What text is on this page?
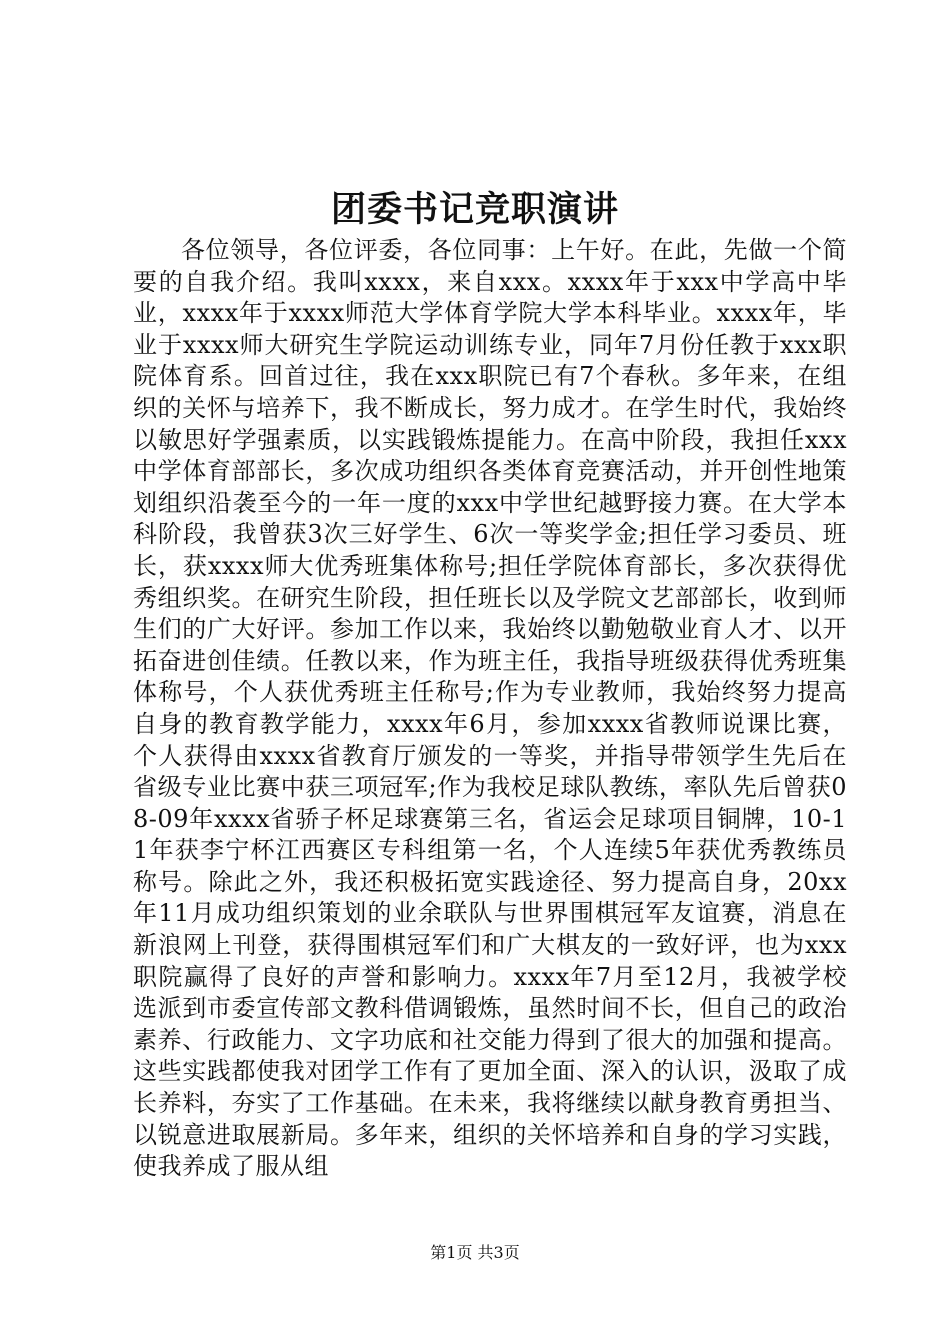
团委书记竞职演讲

各位领导，各位评委，各位同事：上午好。在此，先做一个简要的自我介绍。我叫xxxx，来自xxx。xxxx年于xxx中学高中毕业，xxxx年于xxxx师范大学体育学院大学本科毕业。xxxx年，毕业于xxxx师大研究生学院运动训练专业，同年7月份任教于xxx职院体育系。回首过往，我在xxx职院已有7个春秋。多年来，在组织的关怀与培养下，我不断成长，努力成才。在学生时代，我始终以敏思好学强素质，以实践锻炼提能力。在高中阶段，我担任xxx中学体育部部长，多次成功组织各类体育竞赛活动，并开创性地策划组织沿袭至今的一年一度的xxx中学世纪越野接力赛。在大学本科阶段，我曾获3次三好学生、6次一等奖学金;担任学习委员、班长，获xxxx师大优秀班集体称号;担任学院体育部长，多次获得优秀组织奖。在研究生阶段，担任班长以及学院文艺部部长，收到师生们的广大好评。参加工作以来，我始终以勤勉敬业育人才、以开拓奋进创佳绩。任教以来，作为班主任，我指导班级获得优秀班集体称号，个人获优秀班主任称号;作为专业教师，我始终努力提高自身的教育教学能力，xxxx年6月，参加xxxx省教师说课比赛，个人获得由xxxx省教育厅颁发的一等奖，并指导带领学生先后在省级专业比赛中获三项冠军;作为我校足球队教练，率队先后曾获08-09年xxxx省骄子杯足球赛第三名，省运会足球项目铜牌，10-11年获李宁杯江西赛区专科组第一名，个人连续5年获优秀教练员称号。除此之外，我还积极拓宽实践途径、努力提高自身，20xx年11月成功组织策划的业余联队与世界围棋冠军友谊赛，消息在新浪网上刊登，获得围棋冠军们和广大棋友的一致好评，也为xxx职院赢得了良好的声誉和影响力。xxxx年7月至12月，我被学校选派到市委宣传部文教科借调锻炼，虽然时间不长，但自己的政治素养、行政能力、文字功底和社交能力得到了很大的加强和提高。这些实践都使我对团学工作有了更加全面、深入的认识，汲取了成长养料，夯实了工作基础。在未来，我将继续以献身教育勇担当、以锐意进取展新局。多年来，组织的关怀培养和自身的学习实践，使我养成了服从组

第1页 共3页
